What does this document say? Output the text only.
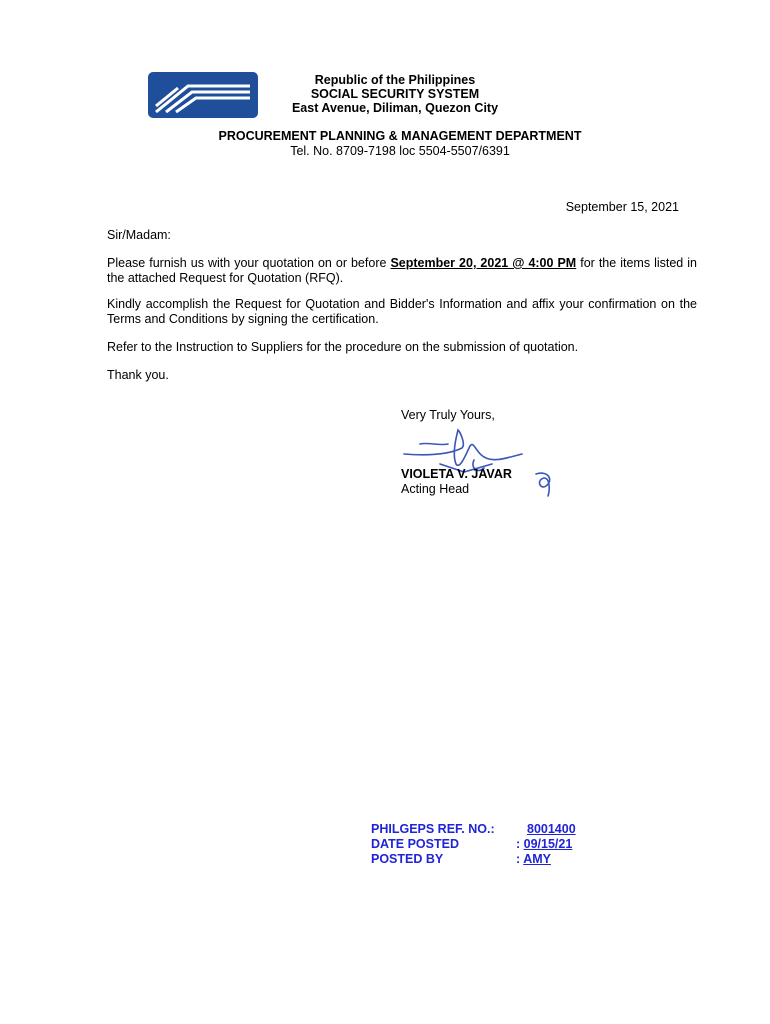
Republic of the Philippines
SOCIAL SECURITY SYSTEM
East Avenue, Diliman, Quezon City
PROCUREMENT PLANNING & MANAGEMENT DEPARTMENT
Tel. No. 8709-7198 loc 5504-5507/6391
September 15, 2021
Sir/Madam:
Please furnish us with your quotation on or before September 20, 2021 @ 4:00 PM for the items listed in the attached Request for Quotation (RFQ).
Kindly accomplish the Request for Quotation and Bidder's Information and affix your confirmation on the Terms and Conditions by signing the certification.
Refer to the Instruction to Suppliers for the procedure on the submission of quotation.
Thank you.
Very Truly Yours,
VIOLETA V. JAVAR
Acting Head
PHILGEPS REF. NO.:	8001400
DATE POSTED	: 09/15/21
POSTED BY	: AMY
